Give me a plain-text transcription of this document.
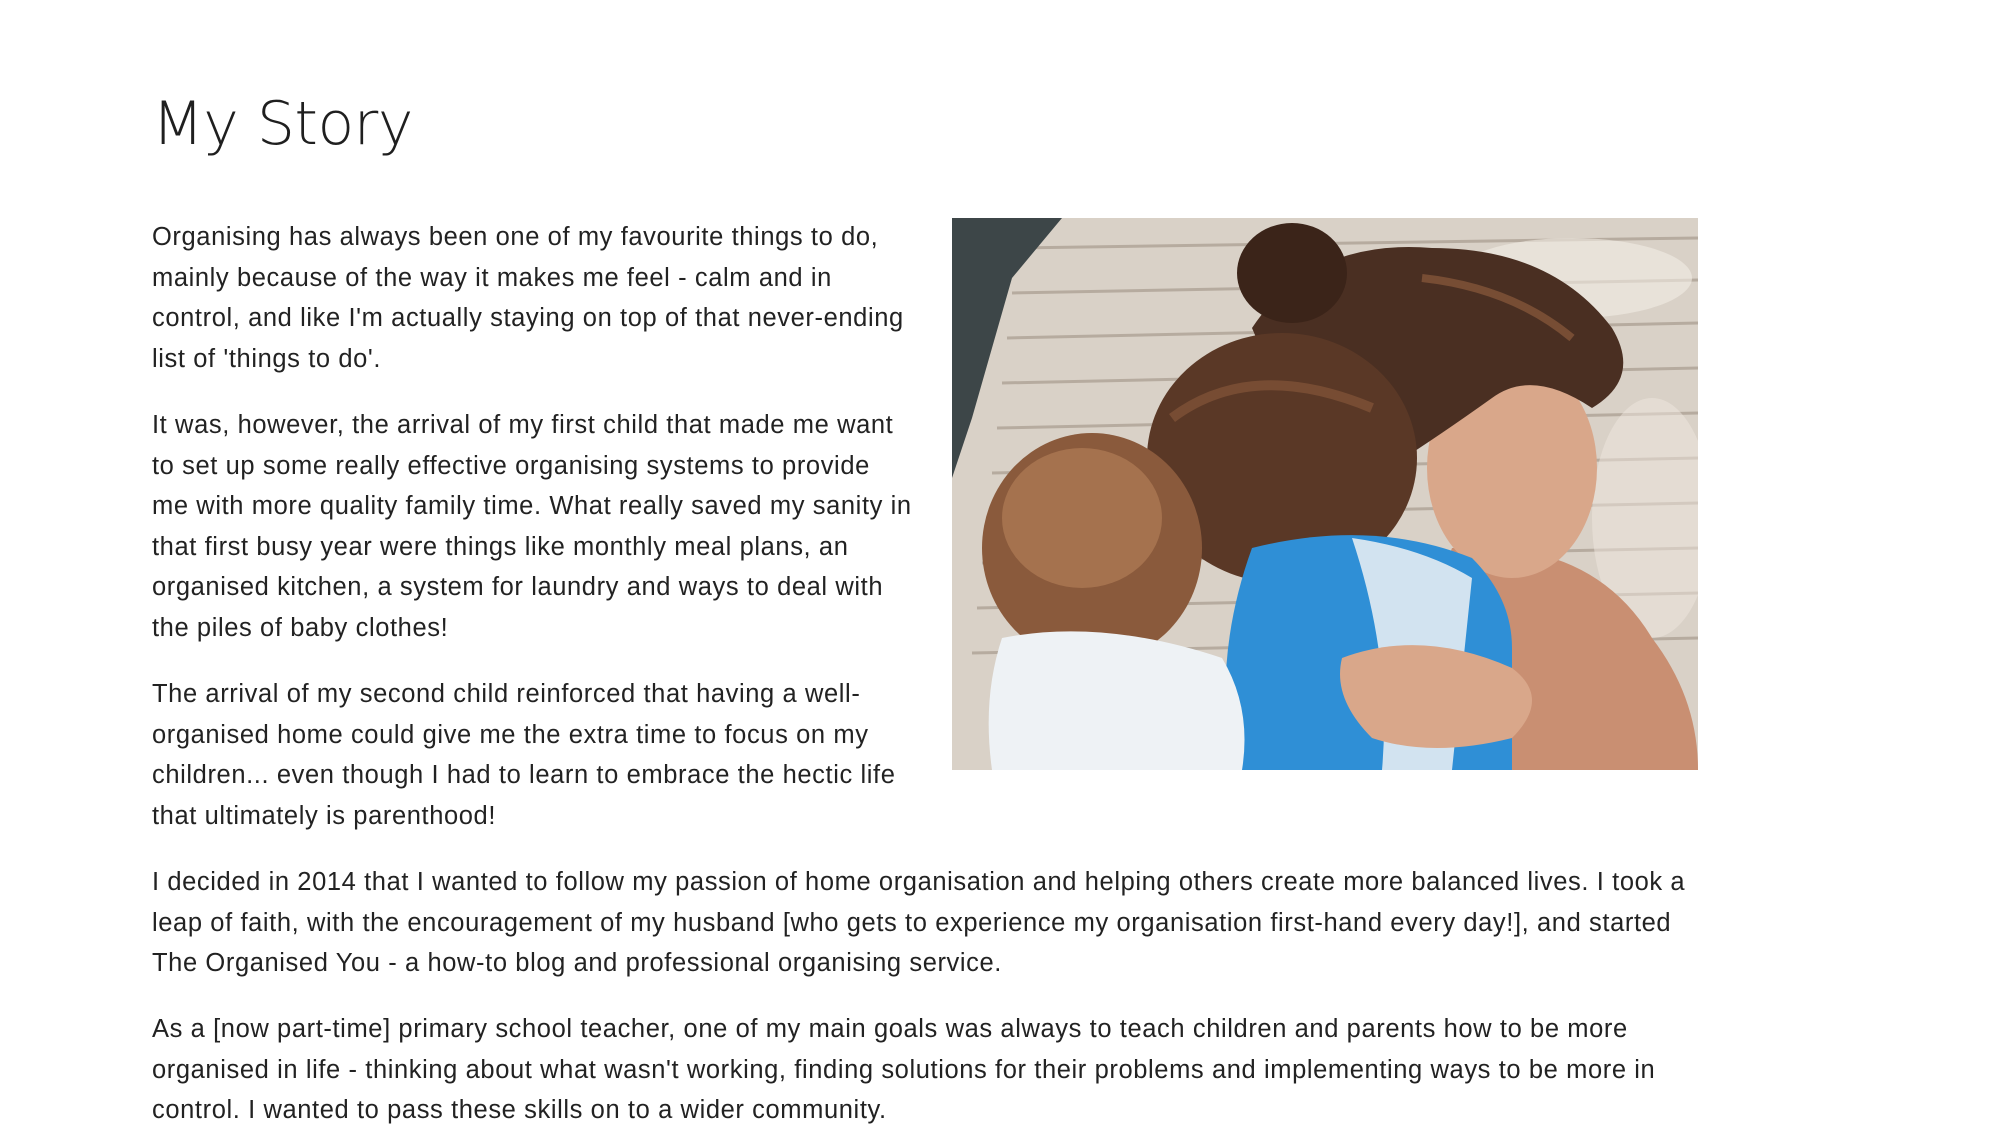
My Story

Organising has always been one of my favourite things to do, mainly because of the way it makes me feel - calm and in control, and like I'm actually staying on top of that never-ending list of 'things to do'.

It was, however, the arrival of my first child that made me want to set up some really effective organising systems to provide me with more quality family time. What really saved my sanity in that first busy year were things like monthly meal plans, an organised kitchen, a system for laundry and ways to deal with the piles of baby clothes!

The arrival of my second child reinforced that having a well-organised home could give me the extra time to focus on my children... even though I had to learn to embrace the hectic life that ultimately is parenthood!

I decided in 2014 that I wanted to follow my passion of home organisation and helping others create more balanced lives. I took a leap of faith, with the encouragement of my husband [who gets to experience my organisation first-hand every day!], and started The Organised You - a how-to blog and professional organising service.

As a [now part-time] primary school teacher, one of my main goals was always to teach children and parents how to be more organised in life - thinking about what wasn't working, finding solutions for their problems and implementing ways to be more in control. I wanted to pass these skills on to a wider community.
